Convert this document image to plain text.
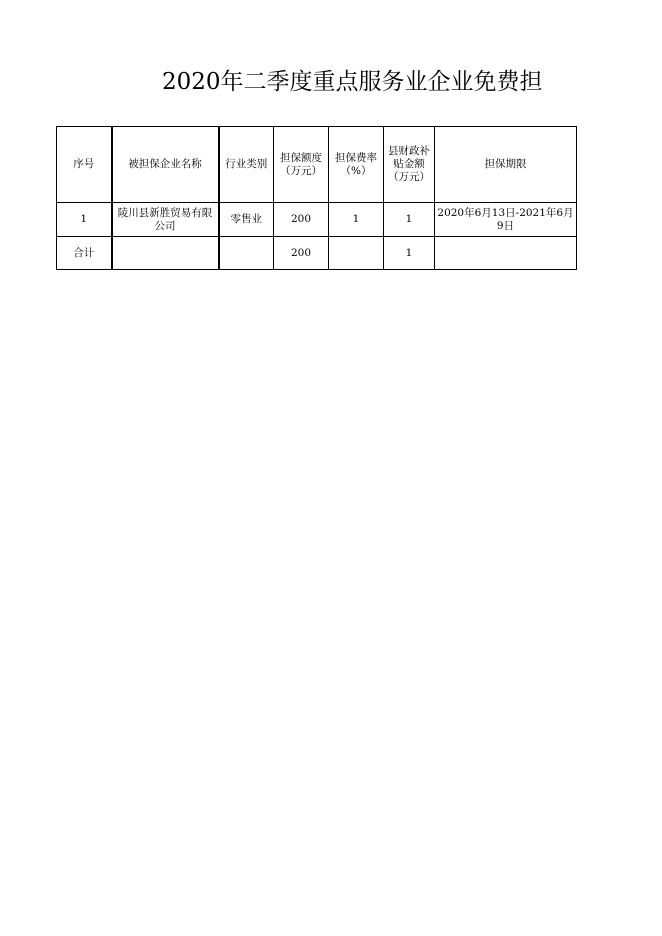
2020年二季度重点服务业企业免费担
序号	被担保企业名称	行业类别	担保额度（万元）	担保费率（%）	县财政补贴金额（万元）	担保期限
1	陵川县新胜贸易有限公司	零售业	200	1	1	2020年6月13日-2021年6月9日
合计			200		1	
